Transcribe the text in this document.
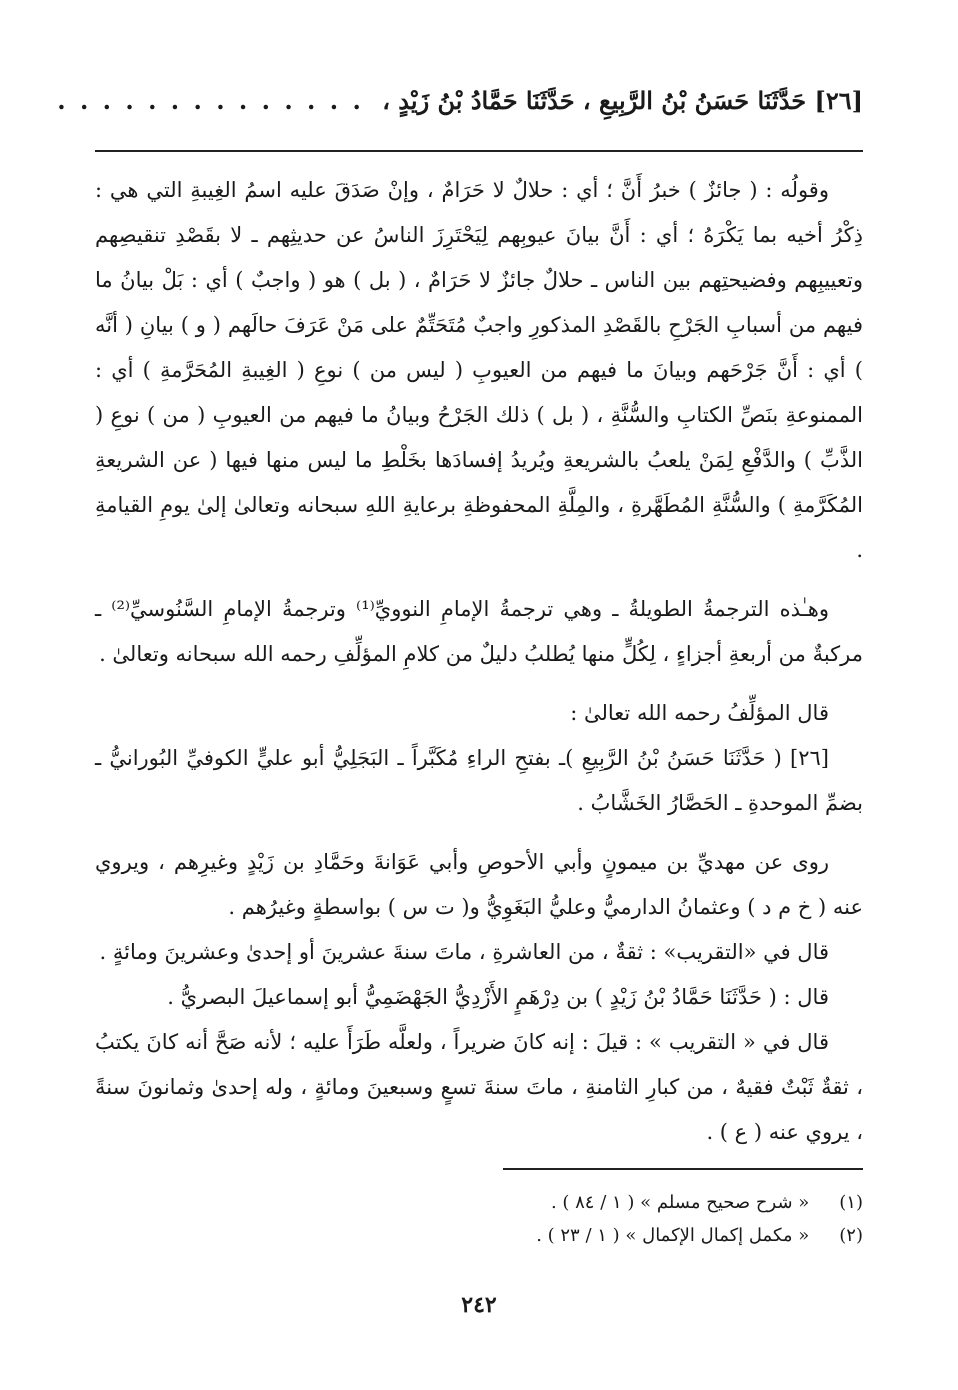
[٢٦] حَدَّثَنَا حَسَنُ بْنُ الرَّبِيعِ ، حَدَّثَنَا حَمَّادُ بْنُ زَيْدٍ ، . . . . . . . . . . . . . .

وقولُه : ( جائزٌ ) خبرُ أَنَّ ؛ أي : حلالٌ لا حَرَامٌ ، وإنْ صَدَقَ عليه اسمُ الغِيبةِ التي هي : ذِكْرُ أخيه بما يَكْرَهُ ؛ أي : أَنَّ بيانَ عيوبِهم لِيَحْتَرِزَ الناسُ عن حديثِهم ـ لا بقَصْدِ تنقيصِهم وتعييبِهم وفضيحتِهم بين الناس ـ حلالٌ جائزٌ لا حَرَامٌ ، ( بل ) هو ( واجبٌ ) أي : بَلْ بيانُ ما فيهم من أسبابِ الجَرْحِ بالقَصْدِ المذكورِ واجبٌ مُتَحَتِّمٌ على مَنْ عَرَفَ حالَهم ( و ) بيانِ ( أنَّه ) أي : أَنَّ جَرْحَهم وبيانَ ما فيهم من العيوبِ ( ليس من ) نوعِ ( الغِيبةِ المُحَرَّمةِ ) أي : الممنوعةِ بنَصِّ الكتابِ والسُّنَّةِ ، ( بل ) ذلك الجَرْحُ وبيانُ ما فيهم من العيوبِ ( من ) نوعِ ( الذَّبِّ ) والدَّفْعِ لِمَنْ يلعبُ بالشريعةِ ويُريدُ إفسادَها بخَلْطِ ما ليس منها فيها ( عن الشريعةِ المُكَرَّمةِ ) والسُّنَّةِ المُطَهَّرةِ ، والمِلَّةِ المحفوظةِ برعايةِ اللهِ سبحانه وتعالىٰ إلىٰ يومِ القيامةِ .

وهـٰذه الترجمةُ الطويلةُ ـ وهي ترجمةُ الإمامِ النوويِّ⁽¹⁾ وترجمةُ الإمامِ السَّنُوسيِّ⁽²⁾ ـ مركبةٌ من أربعةِ أجزاءٍ ، لِكُلٍّ منها يُطلبُ دليلٌ من كلامِ المؤلِّفِ رحمه الله سبحانه وتعالىٰ .

قال المؤلِّفُ رحمه الله تعالىٰ :

[٢٦] ( حَدَّثَنَا حَسَنُ بْنُ الرَّبِيعِ )ـ بفتحِ الراءِ مُكَبَّراً ـ البَجَلِيُّ أبو عليٍّ الكوفيِّ البُورانيُّ ـ بضمِّ الموحدةِ ـ الحَصَّارُ الخَشَّابُ .

روى عن مهديِّ بن ميمونٍ وأبي الأحوصِ وأبي عَوَانةَ وحَمَّادِ بن زَيْدٍ وغيرِهم ، ويروي عنه ( خ م د ) وعثمانُ الدارميُّ وعليُّ البَغَوِيُّ و( ت س ) بواسطةٍ وغيرُهم .

قال في «التقريب» : ثقةٌ ، من العاشرةِ ، ماتَ سنةَ عشرينَ أو إحدىٰ وعشرينَ ومائةٍ .

قال : ( حَدَّثَنَا حَمَّادُ بْنُ زَيْدٍ ) بن دِرْهَمٍ الأَزْدِيُّ الجَهْضَمِيُّ أبو إسماعيلَ البصريُّ .

قال في « التقريب » : قيلَ : إنه كانَ ضريراً ، ولعلَّه طَرَأَ عليه ؛ لأنه صَحَّ أنه كانَ يكتبُ ، ثقةٌ ثَبْتٌ فقيهٌ ، من كبارِ الثامنةِ ، ماتَ سنةَ تسعٍ وسبعينَ ومائةٍ ، وله إحدىٰ وثمانونَ سنةً ، يروي عنه ( ع ) .

(١) « شرح صحيح مسلم » ( ١ / ٨٤ ) .

(٢) « مكمل إكمال الإكمال » ( ١ / ٢٣ ) .

٢٤٢
